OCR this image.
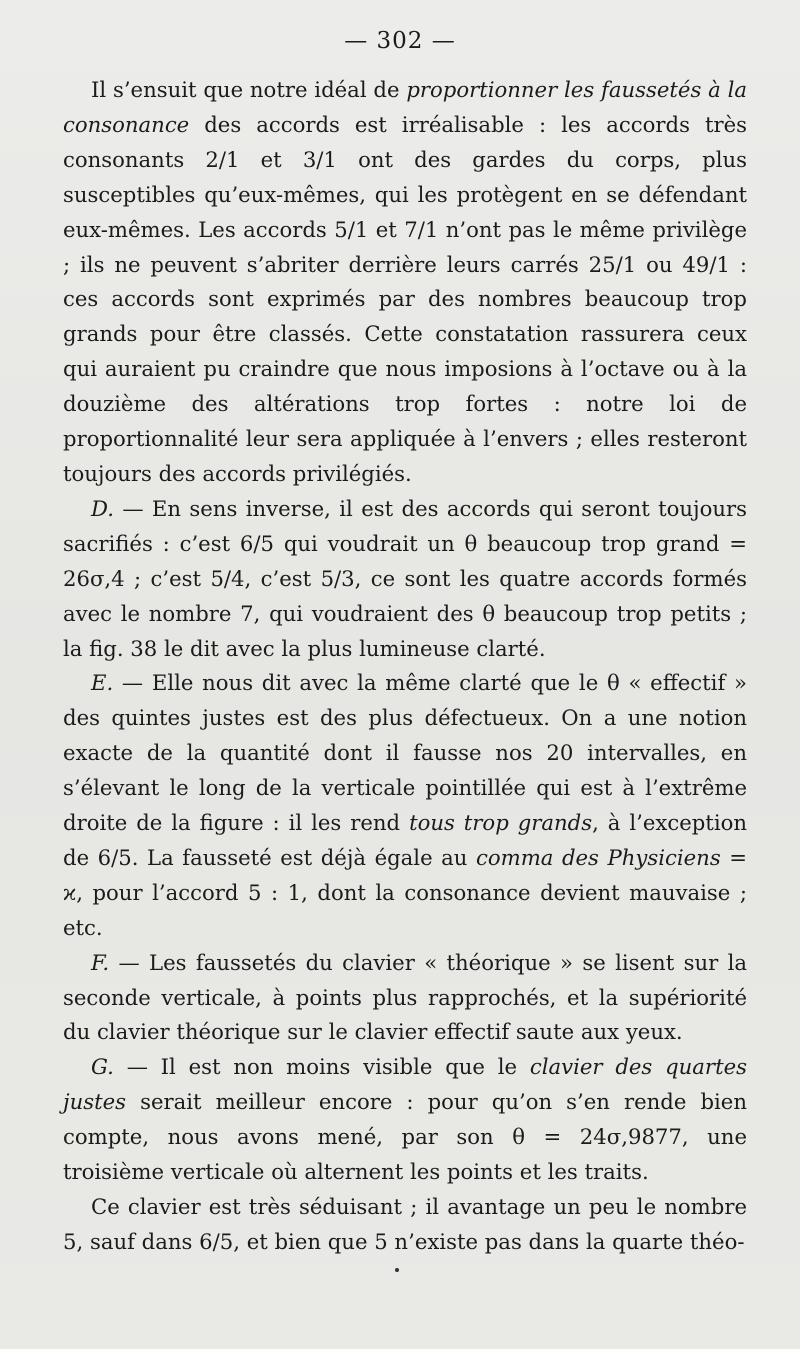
— 302 —

Il s’ensuit que notre idéal de proportionner les faussetés à la consonance des accords est irréalisable : les accords très consonants 2/1 et 3/1 ont des gardes du corps, plus susceptibles qu’eux-mêmes, qui les protègent en se défendant eux-mêmes. Les accords 5/1 et 7/1 n’ont pas le même privilège ; ils ne peuvent s’abriter derrière leurs carrés 25/1 ou 49/1 : ces accords sont exprimés par des nombres beaucoup trop grands pour être classés. Cette constatation rassurera ceux qui auraient pu craindre que nous imposions à l’octave ou à la douzième des altérations trop fortes : notre loi de proportionnalité leur sera appliquée à l’envers ; elles resteront toujours des accords privilégiés.

D. — En sens inverse, il est des accords qui seront toujours sacrifiés : c’est 6/5 qui voudrait un θ beaucoup trop grand = 26σ,4 ; c’est 5/4, c’est 5/3, ce sont les quatre accords formés avec le nombre 7, qui voudraient des θ beaucoup trop petits ; la fig. 38 le dit avec la plus lumineuse clarté.

E. — Elle nous dit avec la même clarté que le θ « effectif » des quintes justes est des plus défectueux. On a une notion exacte de la quantité dont il fausse nos 20 intervalles, en s’élevant le long de la verticale pointillée qui est à l’extrême droite de la figure : il les rend tous trop grands, à l’exception de 6/5. La fausseté est déjà égale au comma des Physiciens = ϰ, pour l’accord 5 : 1, dont la consonance devient mauvaise ; etc.

F. — Les faussetés du clavier « théorique » se lisent sur la seconde verticale, à points plus rapprochés, et la supériorité du clavier théorique sur le clavier effectif saute aux yeux.

G. — Il est non moins visible que le clavier des quartes justes serait meilleur encore : pour qu’on s’en rende bien compte, nous avons mené, par son θ = 24σ,9877, une troisième verticale où alternent les points et les traits.

Ce clavier est très séduisant ; il avantage un peu le nombre 5, sauf dans 6/5, et bien que 5 n’existe pas dans la quarte théo-
